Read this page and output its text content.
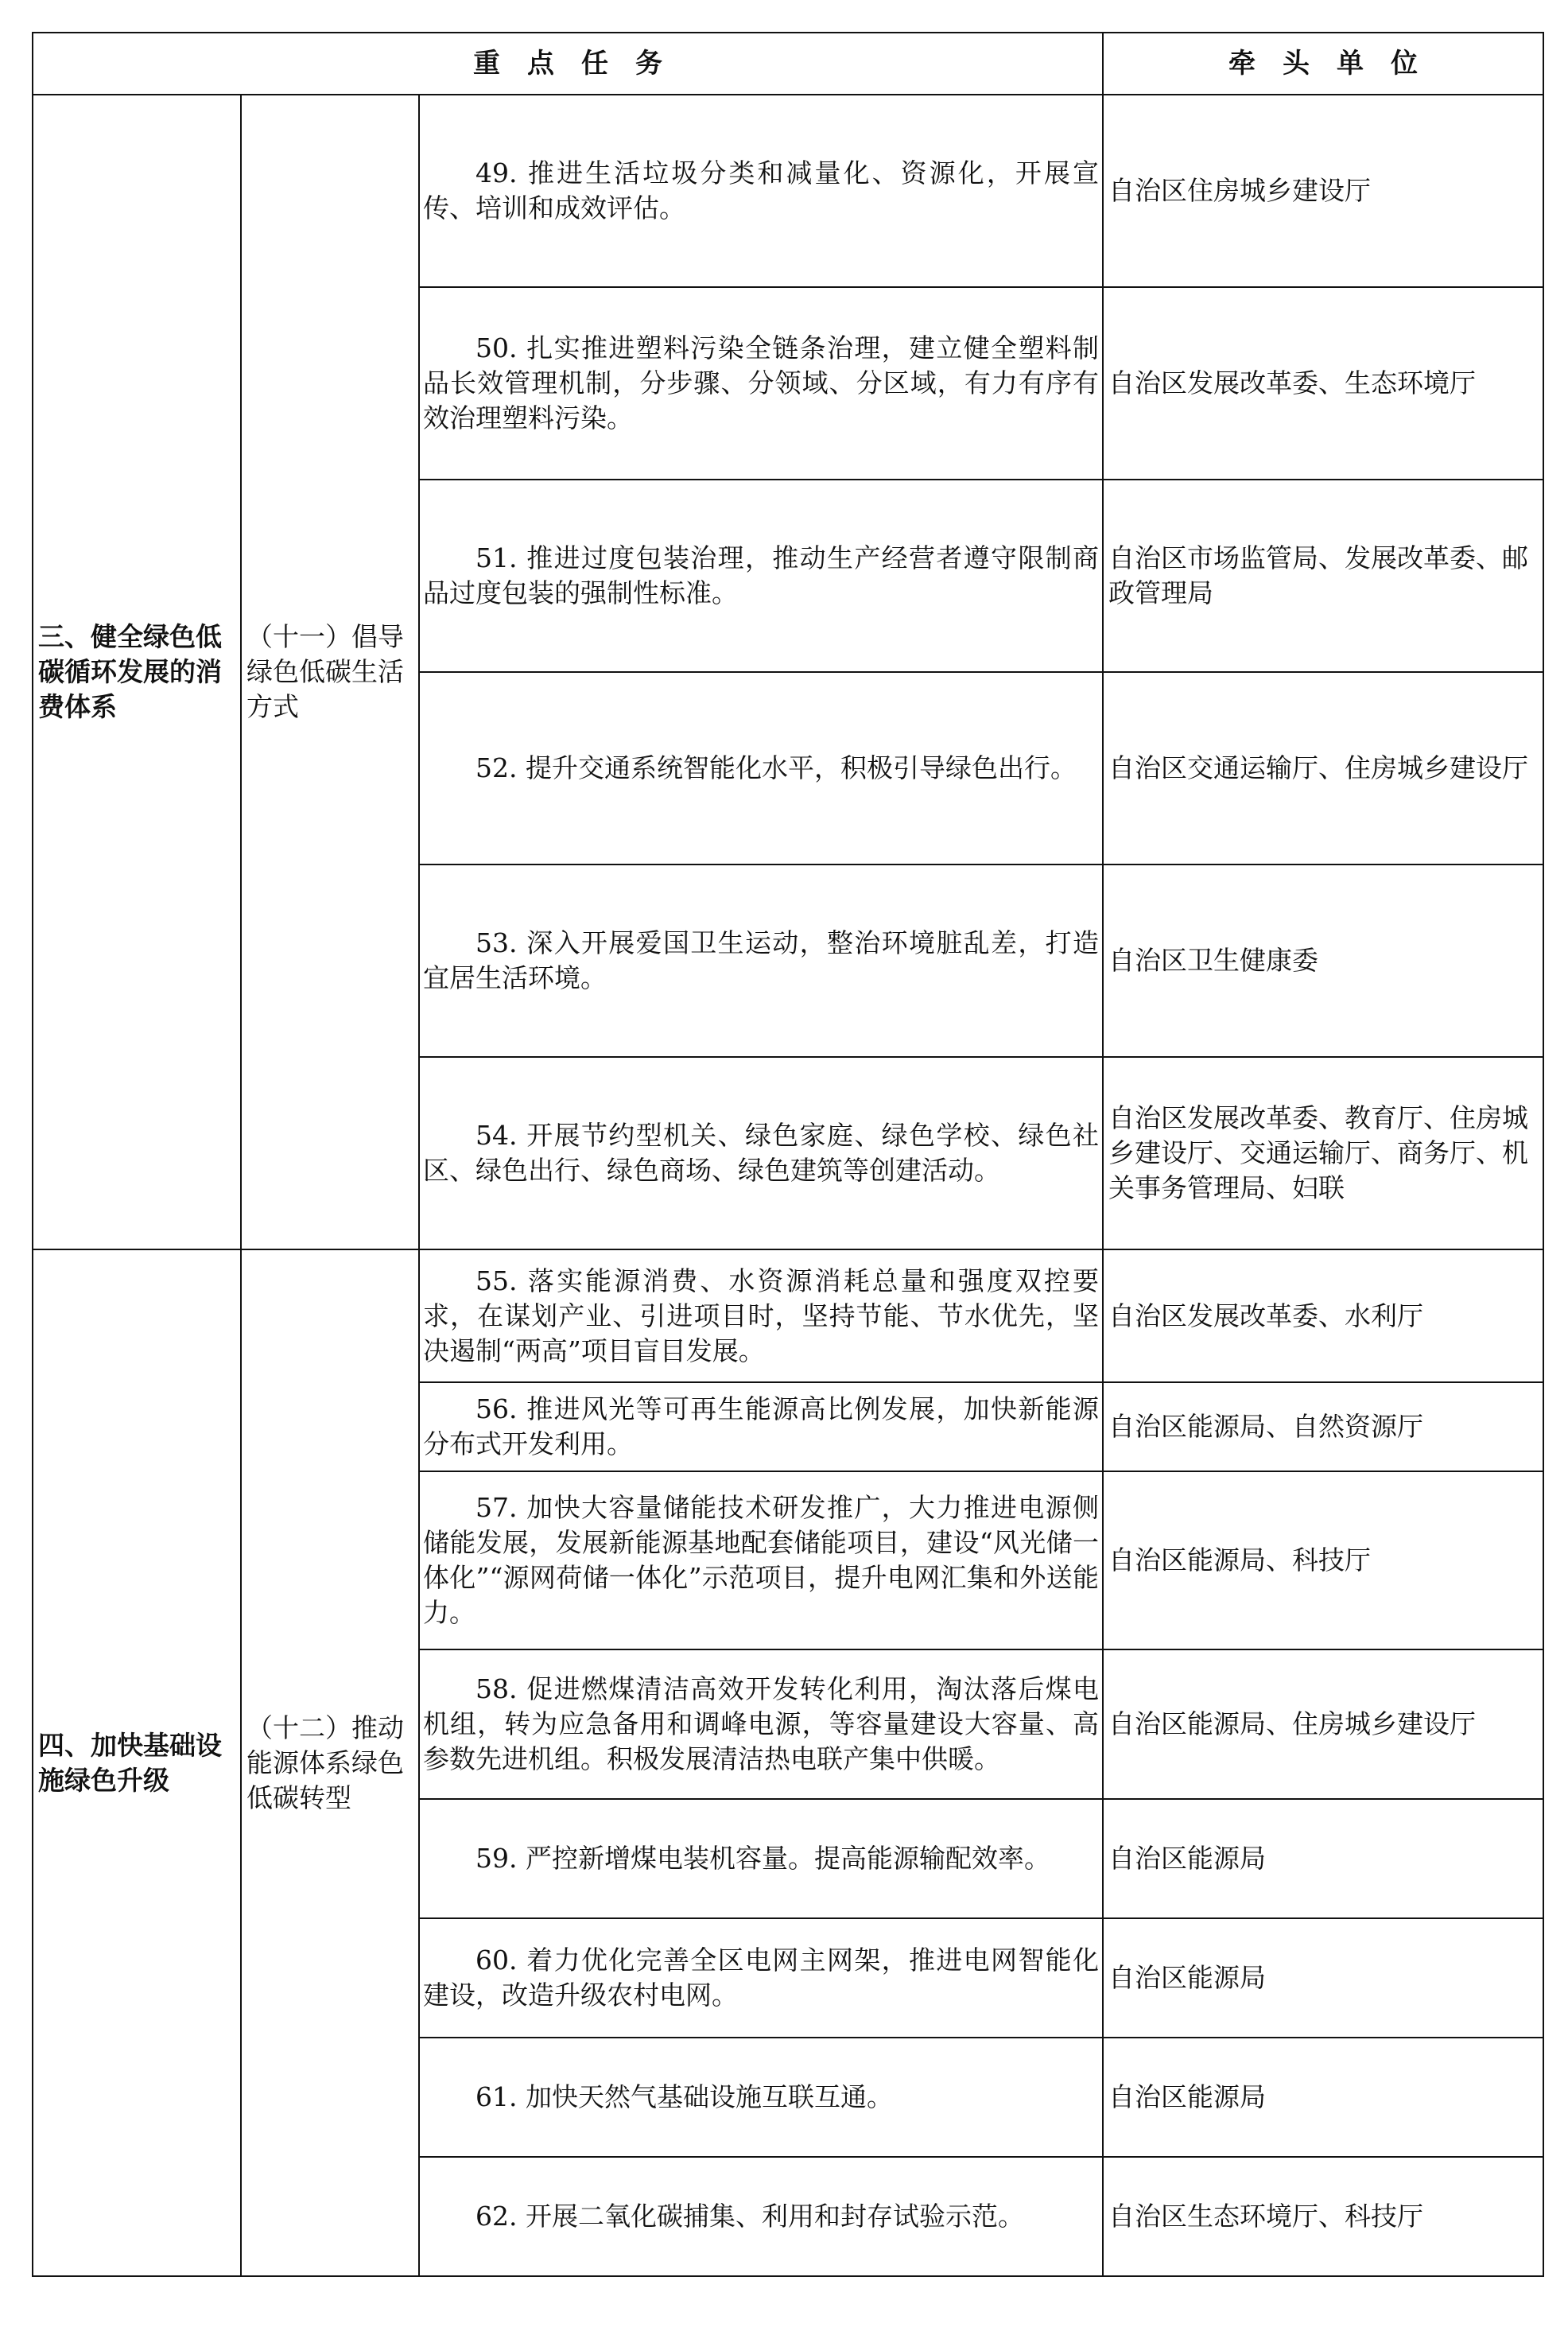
重　点　任　务			牵　头　单　位
三、健全绿色低碳循环发展的消费体系	（十一）倡导绿色低碳生活方式	49. 推进生活垃圾分类和减量化、资源化，开展宣传、培训和成效评估。	自治区住房城乡建设厅

		50. 扎实推进塑料污染全链条治理，建立健全塑料制品长效管理机制，分步骤、分领域、分区域，有力有序有效治理塑料污染。	自治区发展改革委、生态环境厅

		51. 推进过度包装治理，推动生产经营者遵守限制商品过度包装的强制性标准。	自治区市场监管局、发展改革委、邮政管理局

		52. 提升交通系统智能化水平，积极引导绿色出行。	自治区交通运输厅、住房城乡建设厅

		53. 深入开展爱国卫生运动，整治环境脏乱差，打造宜居生活环境。	自治区卫生健康委

		54. 开展节约型机关、绿色家庭、绿色学校、绿色社区、绿色出行、绿色商场、绿色建筑等创建活动。	自治区发展改革委、教育厅、住房城乡建设厅、交通运输厅、商务厅、机关事务管理局、妇联
四、加快基础设施绿色升级	（十二）推动能源体系绿色低碳转型	55. 落实能源消费、水资源消耗总量和强度双控要求，在谋划产业、引进项目时，坚持节能、节水优先，坚决遏制“两高”项目盲目发展。	自治区发展改革委、水利厅

		56. 推进风光等可再生能源高比例发展，加快新能源分布式开发利用。	自治区能源局、自然资源厅

		57. 加快大容量储能技术研发推广，大力推进电源侧储能发展，发展新能源基地配套储能项目，建设“风光储一体化”“源网荷储一体化”示范项目，提升电网汇集和外送能力。	自治区能源局、科技厅

		58. 促进燃煤清洁高效开发转化利用，淘汰落后煤电机组，转为应急备用和调峰电源，等容量建设大容量、高参数先进机组。积极发展清洁热电联产集中供暖。	自治区能源局、住房城乡建设厅

		59. 严控新增煤电装机容量。提高能源输配效率。	自治区能源局

		60. 着力优化完善全区电网主网架，推进电网智能化建设，改造升级农村电网。	自治区能源局

		61. 加快天然气基础设施互联互通。	自治区能源局

		62. 开展二氧化碳捕集、利用和封存试验示范。	自治区生态环境厅、科技厅
